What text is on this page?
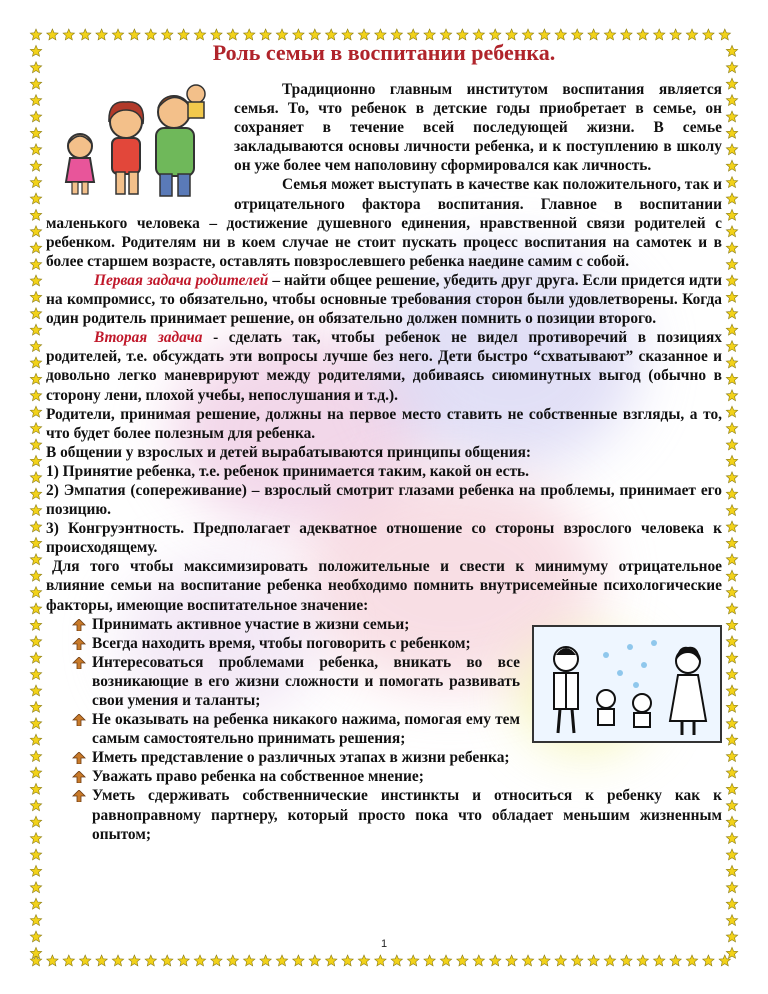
Роль семьи в воспитании ребенка.

Традиционно главным институтом воспитания является семья. То, что ребенок в детские годы приобретает в семье, он сохраняет в течение всей последующей жизни. В семье закладываются основы личности ребенка, и к поступлению в школу он уже более чем наполовину сформировался как личность.

Семья может выступать в качестве как положительного, так и отрицательного фактора воспитания. Главное в воспитании маленького человека – достижение душевного единения, нравственной связи родителей с ребенком. Родителям ни в коем случае не стоит пускать процесс воспитания на самотек и в более старшем возрасте, оставлять повзрослевшего ребенка наедине самим с собой.

Первая задача родителей – найти общее решение, убедить друг друга. Если придется идти на компромисс, то обязательно, чтобы основные требования сторон были удовлетворены. Когда один родитель принимает решение, он обязательно должен помнить о позиции второго.

Вторая задача - сделать так, чтобы ребенок не видел противоречий в позициях родителей, т.е. обсуждать эти вопросы лучше без него. Дети быстро “схватывают” сказанное и довольно легко маневрируют между родителями, добиваясь сиюминутных выгод (обычно в сторону лени, плохой учебы, непослушания и т.д.).

Родители, принимая решение, должны на первое место ставить не собственные взгляды, а то, что будет более полезным для ребенка.

В общении у взрослых и детей вырабатываются принципы общения:

1) Принятие ребенка, т.е. ребенок принимается таким, какой он есть.

2) Эмпатия (сопереживание) – взрослый смотрит глазами ребенка на проблемы, принимает его позицию.

3) Конгруэнтность. Предполагает адекватное отношение со стороны взрослого человека к происходящему.

Для того чтобы максимизировать положительные и свести к минимуму отрицательное влияние семьи на воспитание ребенка необходимо помнить внутрисемейные психологические факторы, имеющие воспитательное значение:

Принимать активное участие в жизни семьи;
Всегда находить время, чтобы поговорить с ребенком;
Интересоваться проблемами ребенка, вникать во все возникающие в его жизни сложности и помогать развивать свои умения и таланты;
Не оказывать на ребенка никакого нажима, помогая ему тем самым самостоятельно принимать решения;
Иметь представление о различных этапах в жизни ребенка;
Уважать право ребенка на собственное мнение;
Уметь сдерживать собственнические инстинкты и относиться к ребенку как к равноправному партнеру, который просто пока что обладает меньшим жизненным опытом;
1
